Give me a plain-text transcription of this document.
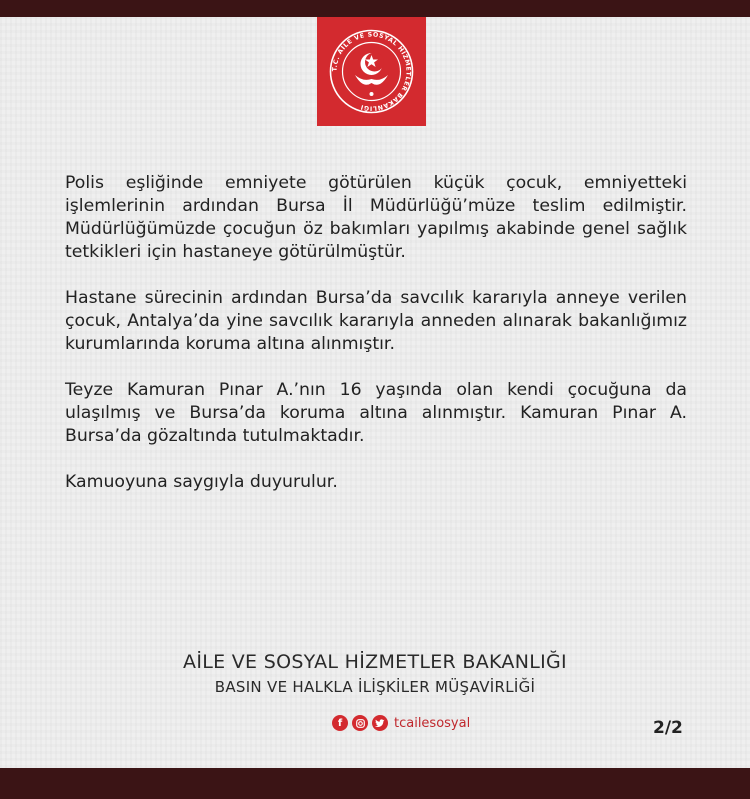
T.C. AİLE VE SOSYAL HİZMETLER BAKANLIĞI

Polis eşliğinde emniyete götürülen küçük çocuk, emniyetteki işlemlerinin ardından Bursa İl Müdürlüğü’müze teslim edilmiştir. Müdürlüğümüzde çocuğun öz bakımları yapılmış akabinde genel sağlık tetkikleri için hastaneye götürülmüştür.

Hastane sürecinin ardından Bursa’da savcılık kararıyla anneye verilen çocuk, Antalya’da yine savcılık kararıyla anneden alınarak bakanlığımız kurumlarında koruma altına alınmıştır.

Teyze Kamuran Pınar A.’nın 16 yaşında olan kendi çocuğuna da ulaşılmış ve Bursa’da koruma altına alınmıştır. Kamuran Pınar A. Bursa’da gözaltında tutulmaktadır.

Kamuoyuna saygıyla duyurulur.

AİLE VE SOSYAL HİZMETLER BAKANLIĞI
BASIN VE HALKLA İLİŞKİLER MÜŞAVİRLİĞİ
f	tcailesosyal	2/2
